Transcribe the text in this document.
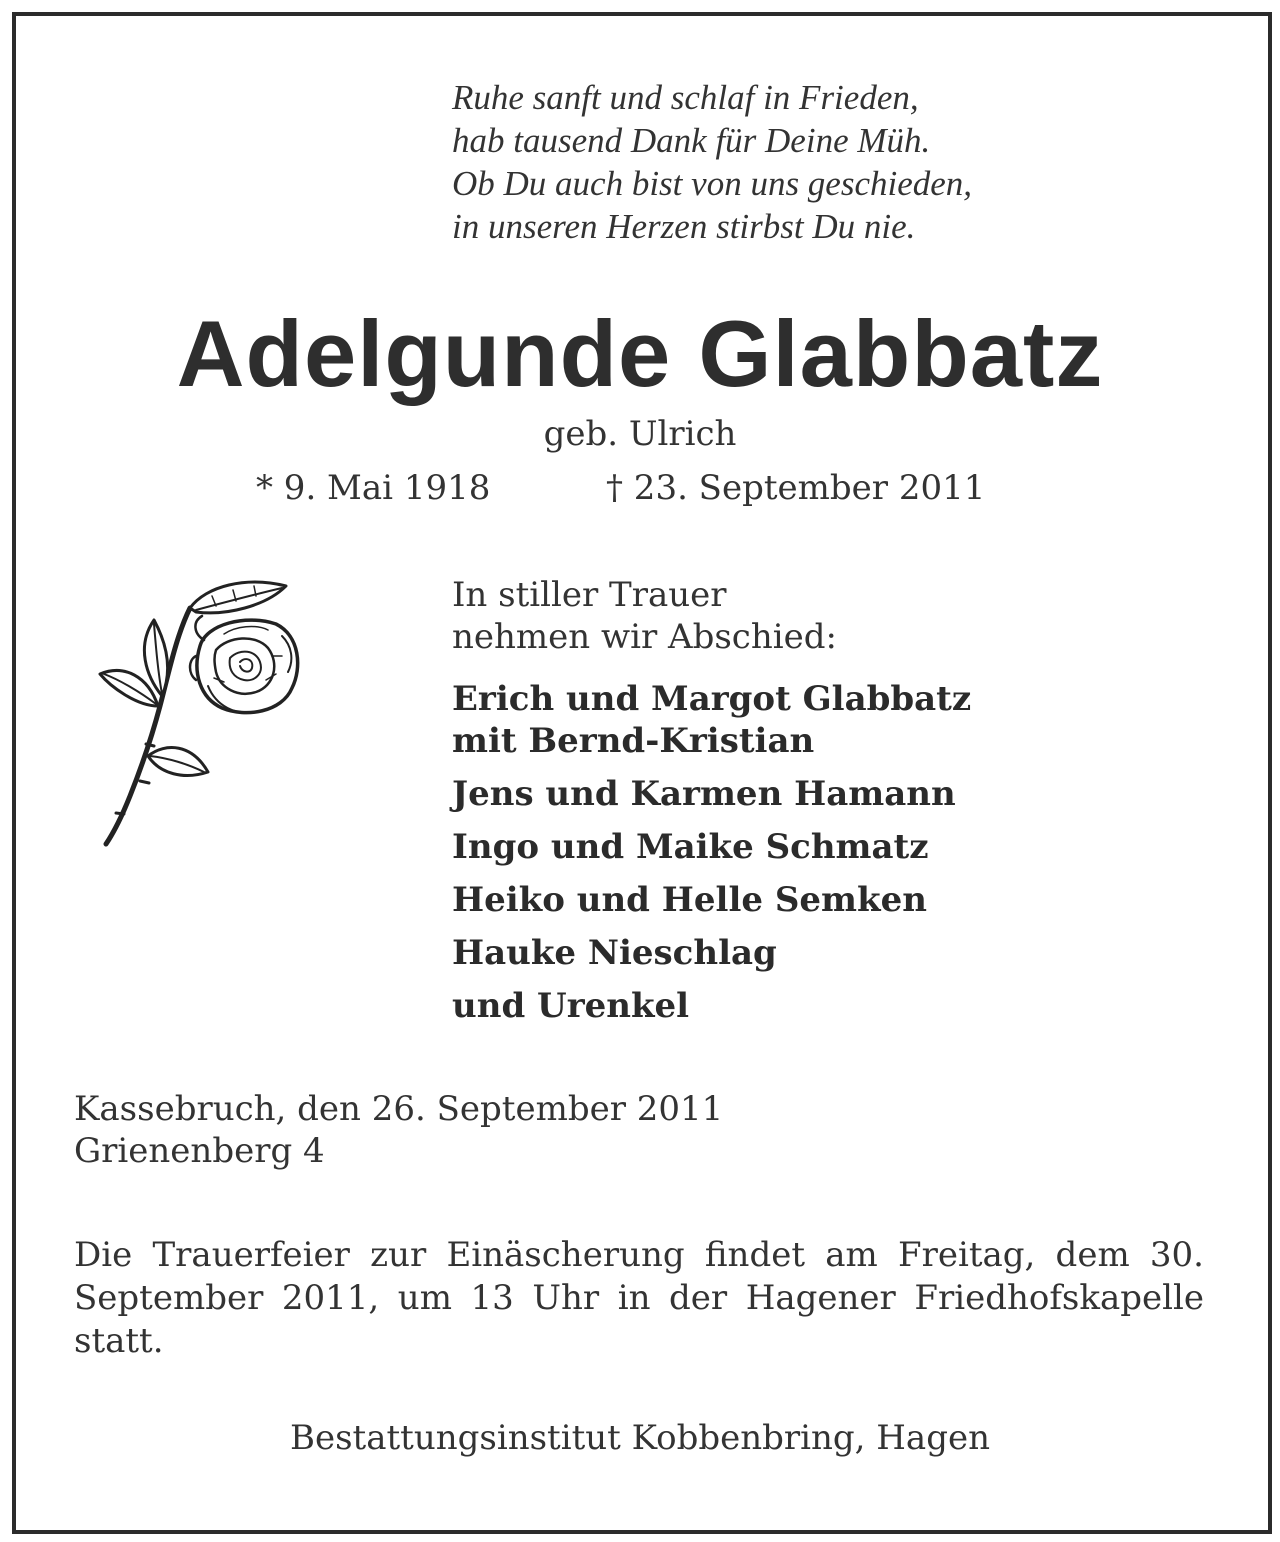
Ruhe sanft und schlaf in Frieden,
hab tausend Dank für Deine Müh.
Ob Du auch bist von uns geschieden,
in unseren Herzen stirbst Du nie.
Adelgunde Glabbatz
geb. Ulrich
* 9. Mai 1918	† 23. September 2011
In stiller Trauer
nehmen wir Abschied:
Erich und Margot Glabbatz
mit Bernd-Kristian
Jens und Karmen Hamann
Ingo und Maike Schmatz
Heiko und Helle Semken
Hauke Nieschlag
und Urenkel
Kassebruch, den 26. September 2011
Grienenberg 4
Die Trauerfeier zur Einäscherung findet am Freitag, dem 30. September 2011, um 13 Uhr in der Hagener Friedhofskapelle statt.
Bestattungsinstitut Kobbenbring, Hagen
